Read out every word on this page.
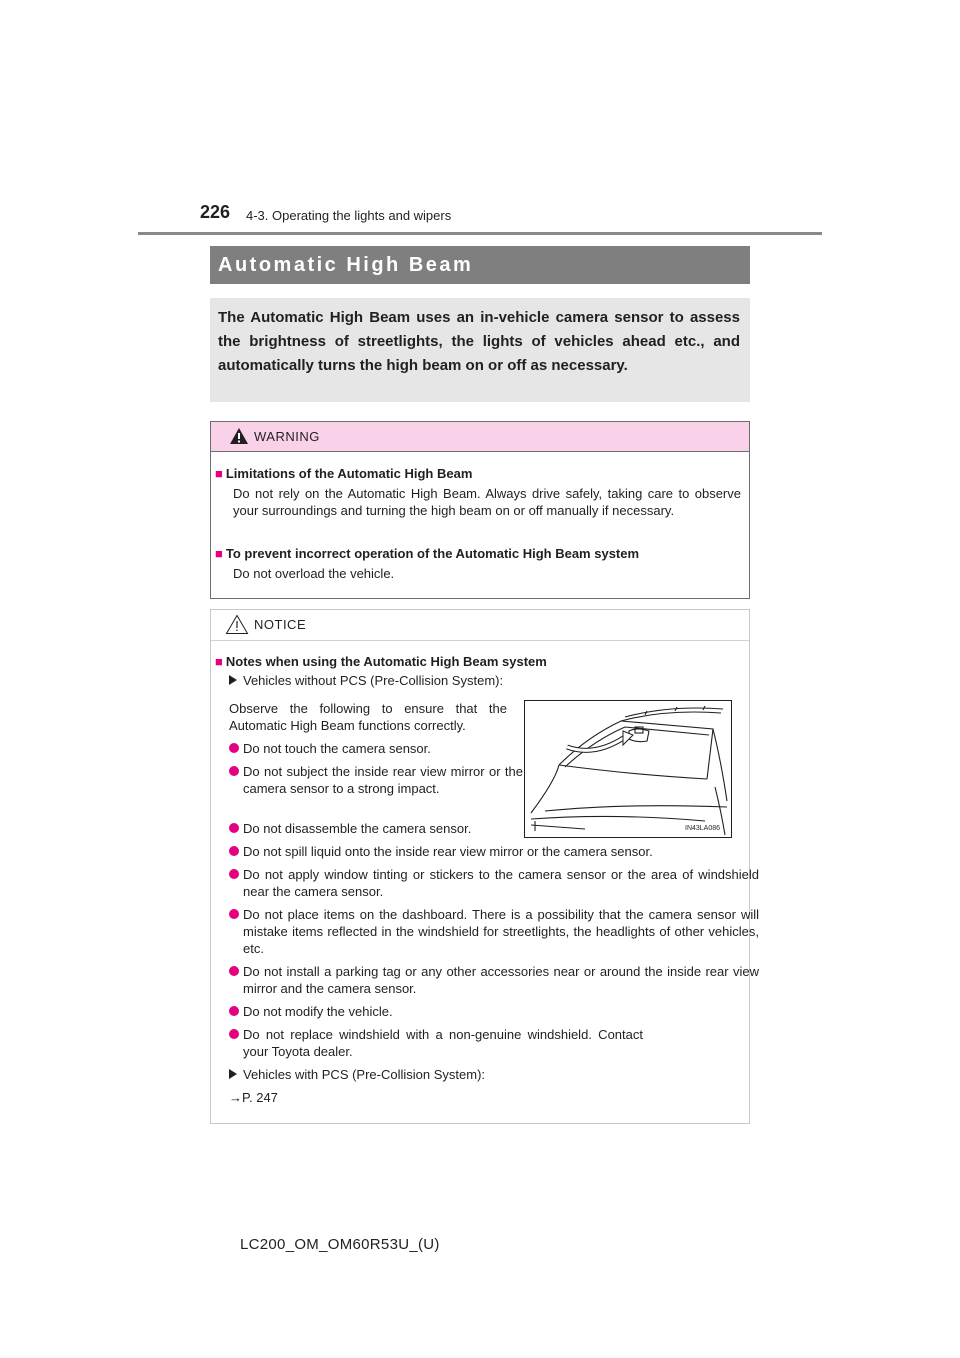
226 4-3. Operating the lights and wipers
Automatic High Beam
The Automatic High Beam uses an in-vehicle camera sensor to assess the brightness of streetlights, the lights of vehicles ahead etc., and automatically turns the high beam on or off as necessary.
WARNING
■ Limitations of the Automatic High Beam
Do not rely on the Automatic High Beam. Always drive safely, taking care to observe your surroundings and turning the high beam on or off manually if necessary.
■ To prevent incorrect operation of the Automatic High Beam system
Do not overload the vehicle.
NOTICE
■ Notes when using the Automatic High Beam system
Vehicles without PCS (Pre-Collision System):
Observe the following to ensure that the Automatic High Beam functions correctly.
Do not touch the camera sensor.
Do not subject the inside rear view mirror or the camera sensor to a strong impact.
Do not disassemble the camera sensor.
Do not spill liquid onto the inside rear view mirror or the camera sensor.
Do not apply window tinting or stickers to the camera sensor or the area of windshield near the camera sensor.
Do not place items on the dashboard. There is a possibility that the camera sensor will mistake items reflected in the windshield for streetlights, the headlights of other vehicles, etc.
Do not install a parking tag or any other accessories near or around the inside rear view mirror and the camera sensor.
Do not modify the vehicle.
Do not replace windshield with a non-genuine windshield. Contact your Toyota dealer.
Vehicles with PCS (Pre-Collision System):
→P. 247
IN43LA086
LC200_OM_OM60R53U_(U)
